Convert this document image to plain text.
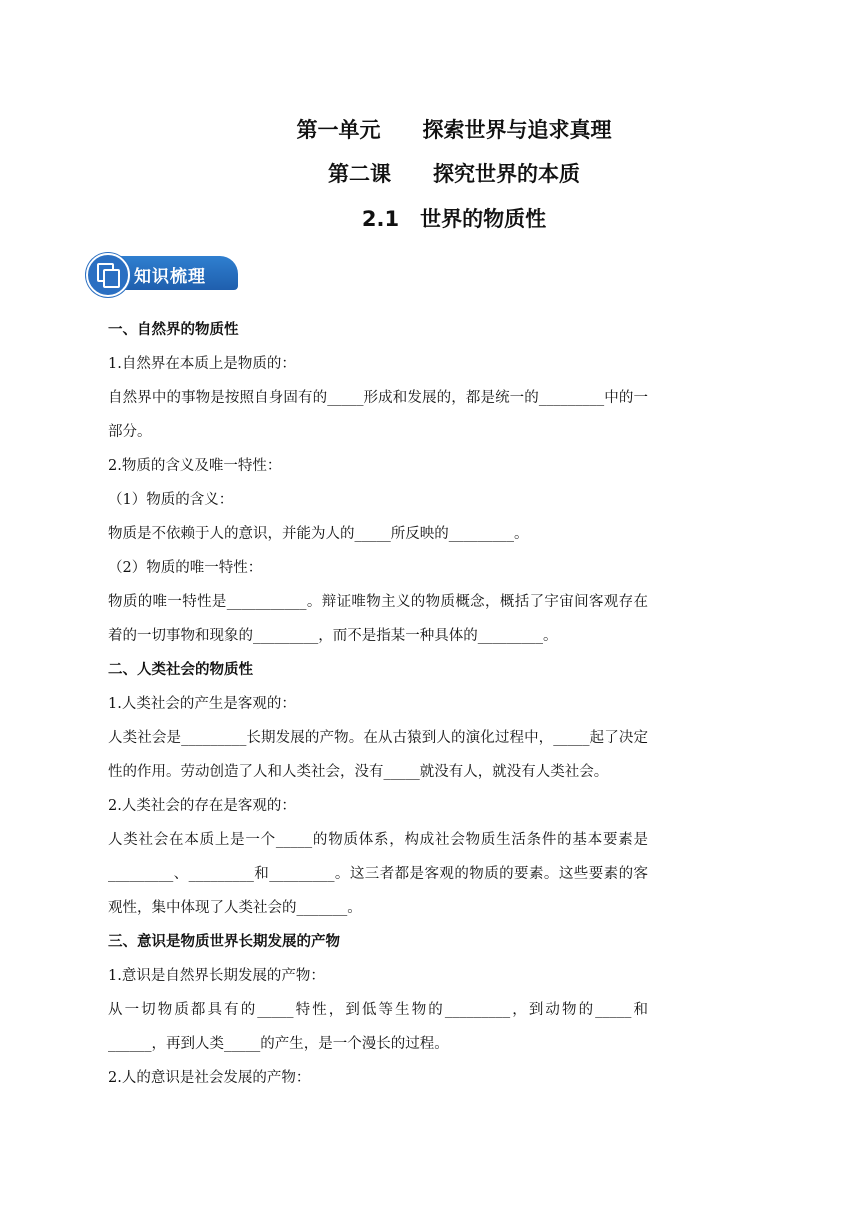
第一单元　　探索世界与追求真理
第二课　　探究世界的本质
2.1　世界的物质性
知识梳理

一、自然界的物质性

1.自然界在本质上是物质的：

自然界中的事物是按照自身固有的_____形成和发展的，都是统一的_________中的一部分。

2.物质的含义及唯一特性：

（1）物质的含义：

物质是不依赖于人的意识，并能为人的_____所反映的_________。

（2）物质的唯一特性：

物质的唯一特性是___________。辩证唯物主义的物质概念，概括了宇宙间客观存在着的一切事物和现象的_________，而不是指某一种具体的_________。

二、人类社会的物质性

1.人类社会的产生是客观的：

人类社会是_________长期发展的产物。在从古猿到人的演化过程中，_____起了决定性的作用。劳动创造了人和人类社会，没有_____就没有人，就没有人类社会。

2.人类社会的存在是客观的：

人类社会在本质上是一个_____的物质体系，构成社会物质生活条件的基本要素是_________、_________和_________。这三者都是客观的物质的要素。这些要素的客观性，集中体现了人类社会的_______。

三、意识是物质世界长期发展的产物

1.意识是自然界长期发展的产物：

从一切物质都具有的_____特性，到低等生物的_________，到动物的_____和______，再到人类_____的产生，是一个漫长的过程。

2.人的意识是社会发展的产物：
